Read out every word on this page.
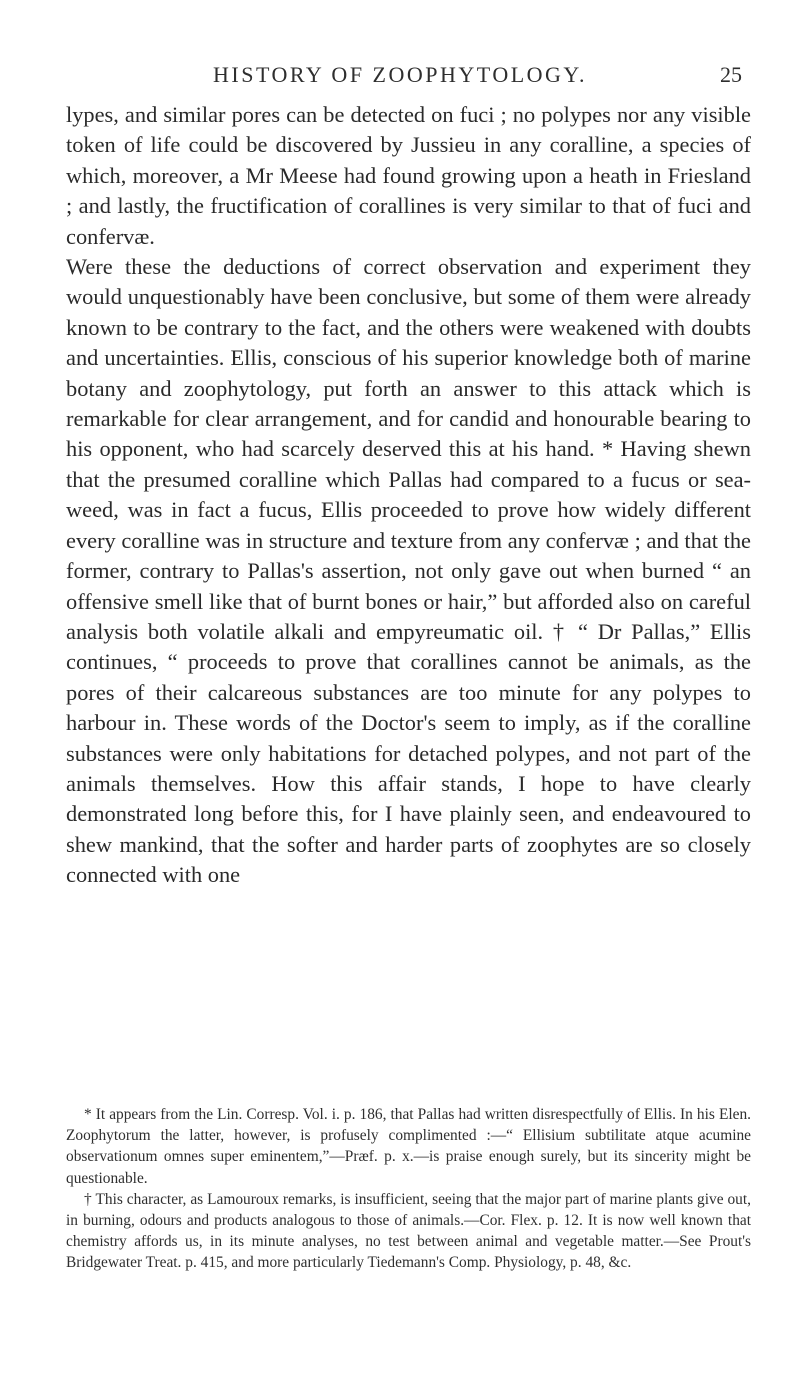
HISTORY OF ZOOPHYTOLOGY.	25

lypes, and similar pores can be detected on fuci ; no polypes nor any visible token of life could be discovered by Jussieu in any coralline, a species of which, moreover, a Mr Meese had found growing upon a heath in Friesland ; and lastly, the fructification of corallines is very similar to that of fuci and confervæ.

Were these the deductions of correct observation and experiment they would unquestionably have been conclusive, but some of them were already known to be contrary to the fact, and the others were weakened with doubts and uncertainties. Ellis, conscious of his superior knowledge both of marine botany and zoophytology, put forth an answer to this attack which is remarkable for clear arrangement, and for candid and honourable bearing to his opponent, who had scarcely deserved this at his hand. * Having shewn that the presumed coralline which Pallas had compared to a fucus or sea-weed, was in fact a fucus, Ellis proceeded to prove how widely different every coralline was in structure and texture from any confervæ ; and that the former, contrary to Pallas's assertion, not only gave out when burned “ an offensive smell like that of burnt bones or hair,” but afforded also on careful analysis both volatile alkali and empyreumatic oil. † “ Dr Pallas,” Ellis continues, “ proceeds to prove that corallines cannot be animals, as the pores of their calcareous substances are too minute for any polypes to harbour in. These words of the Doctor's seem to imply, as if the coralline substances were only habitations for detached polypes, and not part of the animals themselves. How this affair stands, I hope to have clearly demonstrated long before this, for I have plainly seen, and endeavoured to shew mankind, that the softer and harder parts of zoophytes are so closely connected with one

* It appears from the Lin. Corresp. Vol. i. p. 186, that Pallas had written disrespectfully of Ellis. In his Elen. Zoophytorum the latter, however, is profusely complimented :—“ Ellisium subtilitate atque acumine observationum omnes super eminentem,”—Præf. p. x.—is praise enough surely, but its sincerity might be questionable.

† This character, as Lamouroux remarks, is insufficient, seeing that the major part of marine plants give out, in burning, odours and products analogous to those of animals.—Cor. Flex. p. 12. It is now well known that chemistry affords us, in its minute analyses, no test between animal and vegetable matter.—See Prout's Bridgewater Treat. p. 415, and more particularly Tiedemann's Comp. Physiology, p. 48, &c.
